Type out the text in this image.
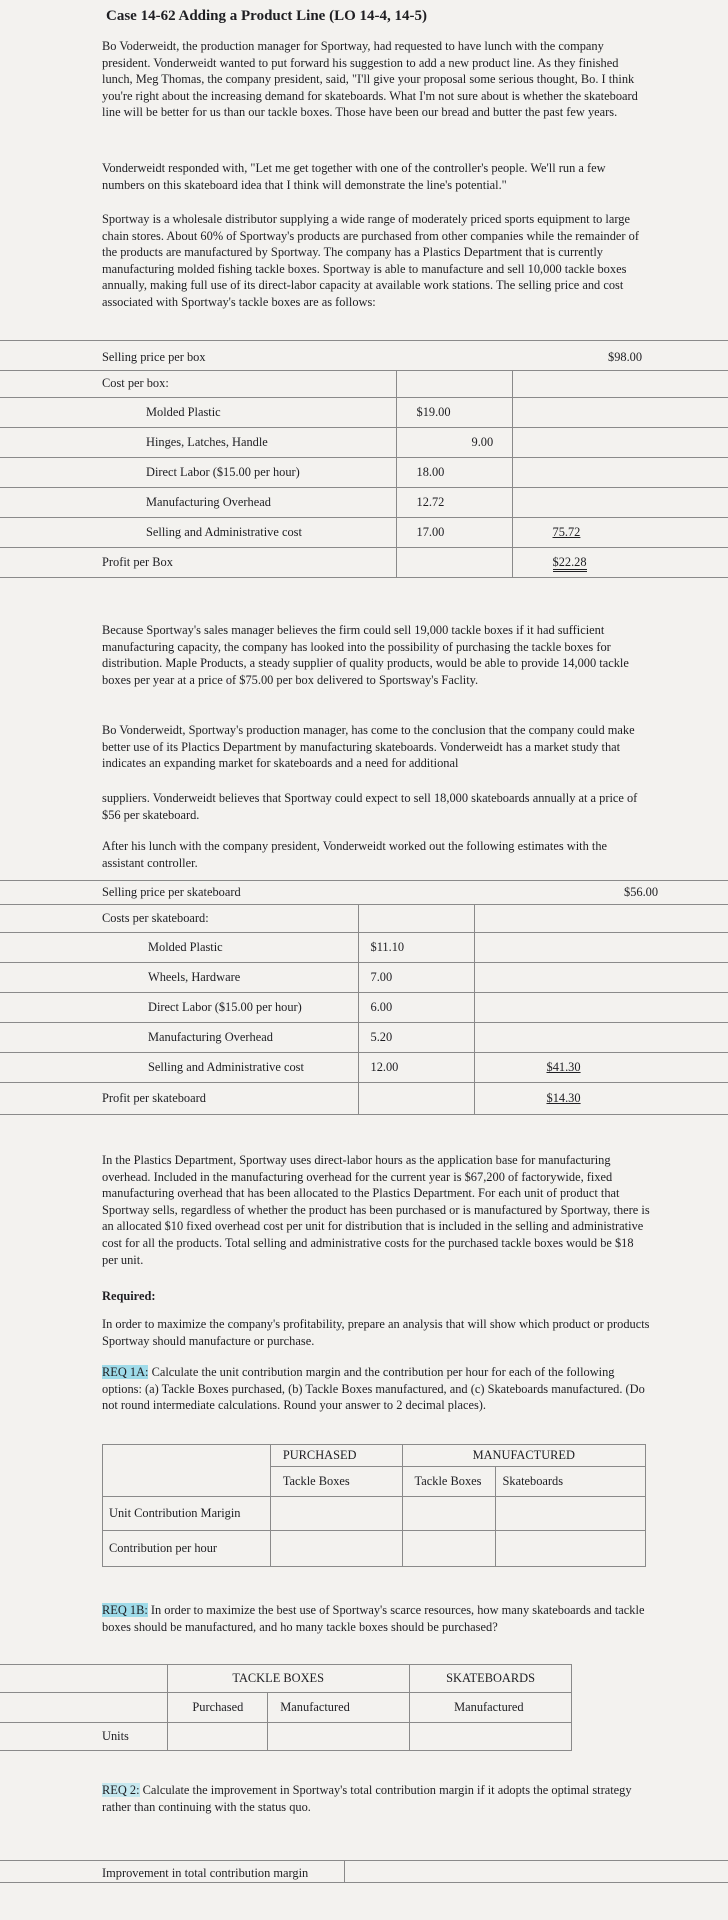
Case 14-62 Adding a Product Line (LO 14-4, 14-5)
Bo Voderweidt, the production manager for Sportway, had requested to have lunch with the company president. Vonderweidt wanted to put forward his suggestion to add a new product line. As they finished lunch, Meg Thomas, the company president, said, "I'll give your proposal some serious thought, Bo. I think you're right about the increasing demand for skateboards. What I'm not sure about is whether the skateboard line will be better for us than our tackle boxes. Those have been our bread and butter the past few years.
Vonderweidt responded with, "Let me get together with one of the controller's people. We'll run a few numbers on this skateboard idea that I think will demonstrate the line's potential."
Sportway is a wholesale distributor supplying a wide range of moderately priced sports equipment to large chain stores. About 60% of Sportway's products are purchased from other companies while the remainder of the products are manufactured by Sportway. The company has a Plastics Department that is currently manufacturing molded fishing tackle boxes. Sportway is able to manufacture and sell 10,000 tackle boxes annually, making full use of its direct-labor capacity at available work stations. The selling price and cost associated with Sportway's tackle boxes are as follows:
Selling price per box		$98.00
Cost per box:		
Molded Plastic	$19.00	
Hinges, Latches, Handle	9.00	
Direct Labor ($15.00 per hour)	18.00	
Manufacturing Overhead	12.72	
Selling and Administrative cost	17.00	75.72
Profit per Box		$22.28
Because Sportway's sales manager believes the firm could sell 19,000 tackle boxes if it had sufficient manufacturing capacity, the company has looked into the possibility of purchasing the tackle boxes for distribution. Maple Products, a steady supplier of quality products, would be able to provide 14,000 tackle boxes per year at a price of $75.00 per box delivered to Sportsway's Faclity.
Bo Vonderweidt, Sportway's production manager, has come to the conclusion that the company could make better use of its Plactics Department by manufacturing skateboards. Vonderweidt has a market study that indicates an expanding market for skateboards and a need for additional
suppliers. Vonderweidt believes that Sportway could expect to sell 18,000 skateboards annually at a price of $56 per skateboard.
After his lunch with the company president, Vonderweidt worked out the following estimates with the assistant controller.
Selling price per skateboard		$56.00
Costs per skateboard:		
Molded Plastic	$11.10	
Wheels, Hardware	7.00	
Direct Labor ($15.00 per hour)	6.00	
Manufacturing Overhead	5.20	
Selling and Administrative cost	12.00	$41.30
Profit per skateboard		$14.30
In the Plastics Department, Sportway uses direct-labor hours as the application base for manufacturing overhead. Included in the manufacturing overhead for the current year is $67,200 of factorywide, fixed manufacturing overhead that has been allocated to the Plastics Department. For each unit of product that Sportway sells, regardless of whether the product has been purchased or is manufactured by Sportway, there is an allocated $10 fixed overhead cost per unit for distribution that is included in the selling and administrative cost for all the products. Total selling and administrative costs for the purchased tackle boxes would be $18 per unit.
Required:
In order to maximize the company's profitability, prepare an analysis that will show which product or products Sportway should manufacture or purchase.
REQ 1A: Calculate the unit contribution margin and the contribution per hour for each of the following options: (a) Tackle Boxes purchased, (b) Tackle Boxes manufactured, and (c) Skateboards manufactured. (Do not round intermediate calculations. Round your answer to 2 decimal places).
	PURCHASED	MANUFACTURED	
	Tackle Boxes	Tackle Boxes	Skateboards
Unit Contribution Marigin			
Contribution per hour			
REQ 1B: In order to maximize the best use of Sportway's scarce resources, how many skateboards and tackle boxes should be manufactured, and ho many tackle boxes should be purchased?
	TACKLE BOXES		SKATEBOARDS
	Purchased	Manufactured	Manufactured
Units			
REQ 2: Calculate the improvement in Sportway's total contribution margin if it adopts the optimal strategy rather than continuing with the status quo.
Improvement in total contribution margin
